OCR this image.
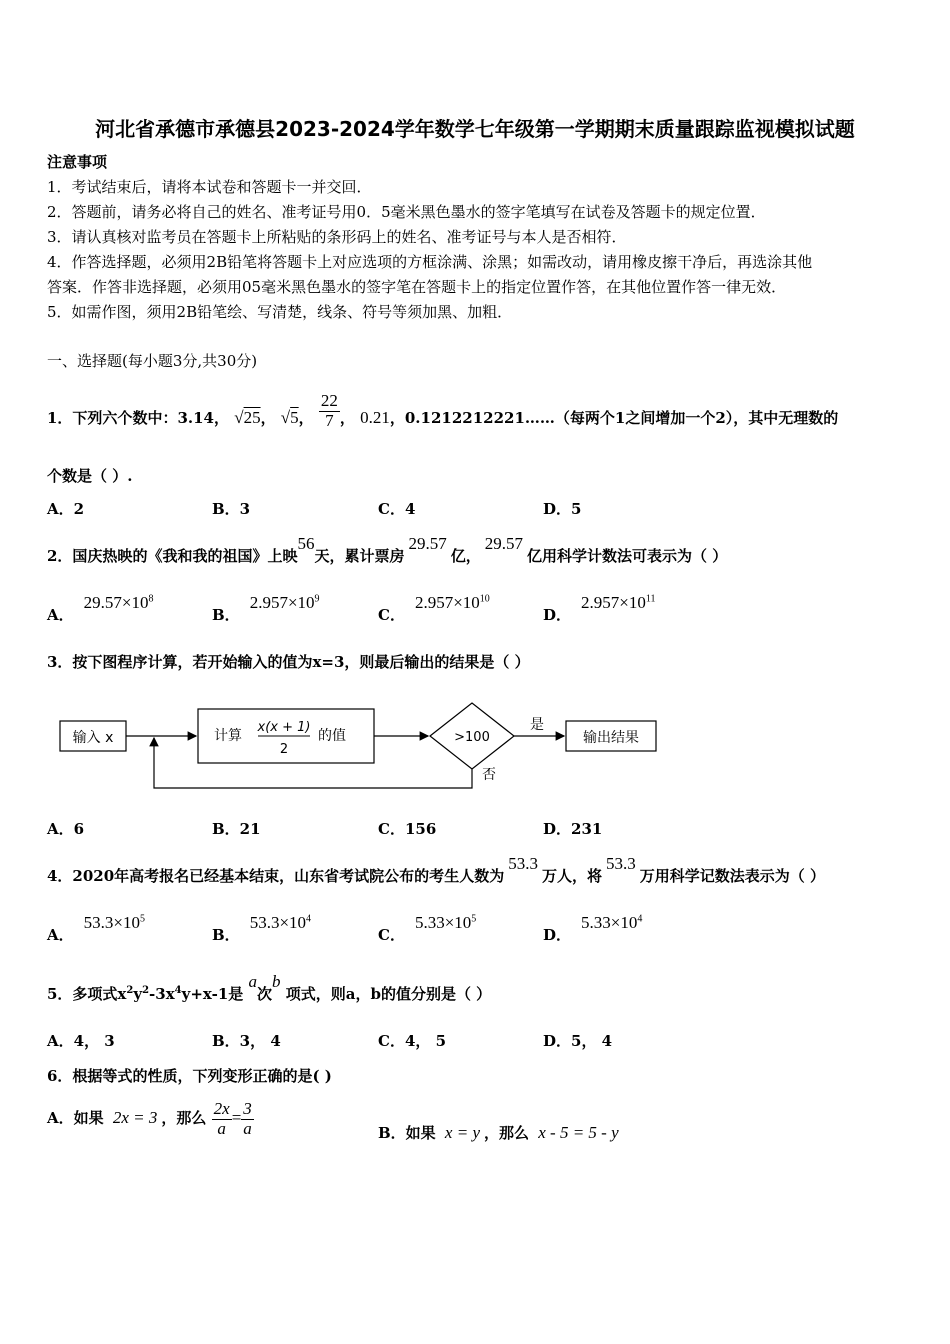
河北省承德市承德县2023-2024学年数学七年级第一学期期末质量跟踪监视模拟试题
注意事项
1．考试结束后，请将本试卷和答题卡一并交回．
2．答题前，请务必将自己的姓名、准考证号用0．5毫米黑色墨水的签字笔填写在试卷及答题卡的规定位置．
3．请认真核对监考员在答题卡上所粘贴的条形码上的姓名、准考证号与本人是否相符．
4．作答选择题，必须用2B铅笔将答题卡上对应选项的方框涂满、涂黑；如需改动，请用橡皮擦干净后，再选涂其他
答案．作答非选择题，必须用05毫米黑色墨水的签字笔在答题卡上的指定位置作答，在其他位置作答一律无效．
5．如需作图，须用2B铅笔绘、写清楚，线条、符号等须加黑、加粗．
一、选择题(每小题3分,共30分)
1．下列六个数中：3.14， √25， √5， $\frac{22}{7}$ ， 0.21，0.1212212221……（每两个1之间增加一个2），其中无理数的
个数是（ ）.
A．2	B．3	C．4	D．5
2．国庆热映的《我和我的祖国》上映56天，累计票房29.57亿，29.57亿用科学计数法可表示为（ ）
A．$29.57\times 10^8$
B．$2.957\times 10^9$
C．$2.957\times 10^{10}$
D．$2.957\times 10^{11}$
3．按下图程序计算，若开始输入的值为x=3，则最后输出的结果是（ ）
输入 x	计算
x(x + 1)
2
的值	>100
是
输出结果
否
A．6	B．21	C．156	D．231
4．2020年高考报名已经基本结束，山东省考试院公布的考生人数为53.3万人，将53.3万用科学记数法表示为（ ）
A．$53.3\times 10^5$
B．$53.3\times 10^4$
C．$5.33\times 10^5$
D．$5.33\times 10^4$
5．多项式$x^2y^2-3x^4y+x-1$是 a次b 项式，则a，b的值分别是（ ）
A．4， 3	B．3， 4	C．4， 5	D．5， 4
6．根据等式的性质，下列变形正确的是( )
A．如果 2x = 3 ，那么 $\frac{2x}{a} = \frac{3}{a}$	B．如果 x = y ，那么 x - 5 = 5 - y
